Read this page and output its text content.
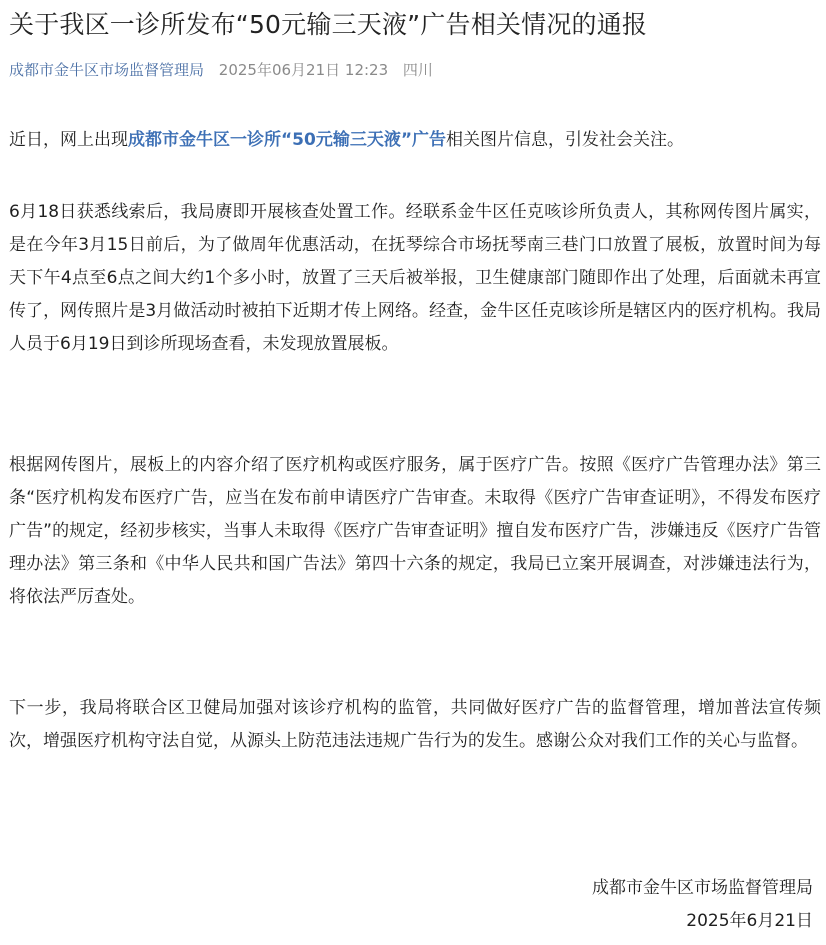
关于我区一诊所发布“50元输三天液”广告相关情况的通报
成都市金牛区市场监督管理局 2025年06月21日 12:23 四川

近日，网上出现成都市金牛区一诊所“50元输三天液”广告相关图片信息，引发社会关注。

6月18日获悉线索后，我局赓即开展核查处置工作。经联系金牛区任克咳诊所负责人，其称网传图片属实，是在今年3月15日前后，为了做周年优惠活动，在抚琴综合市场抚琴南三巷门口放置了展板，放置时间为每天下午4点至6点之间大约1个多小时，放置了三天后被举报，卫生健康部门随即作出了处理，后面就未再宣传了，网传照片是3月做活动时被拍下近期才传上网络。经查，金牛区任克咳诊所是辖区内的医疗机构。我局人员于6月19日到诊所现场查看，未发现放置展板。

根据网传图片，展板上的内容介绍了医疗机构或医疗服务，属于医疗广告。按照《医疗广告管理办法》第三条“医疗机构发布医疗广告，应当在发布前申请医疗广告审查。未取得《医疗广告审查证明》，不得发布医疗广告”的规定，经初步核实，当事人未取得《医疗广告审查证明》擅自发布医疗广告，涉嫌违反《医疗广告管理办法》第三条和《中华人民共和国广告法》第四十六条的规定，我局已立案开展调查，对涉嫌违法行为，将依法严厉查处。

下一步，我局将联合区卫健局加强对该诊疗机构的监管，共同做好医疗广告的监督管理，增加普法宣传频次，增强医疗机构守法自觉，从源头上防范违法违规广告行为的发生。感谢公众对我们工作的关心与监督。

成都市金牛区市场监督管理局
2025年6月21日
